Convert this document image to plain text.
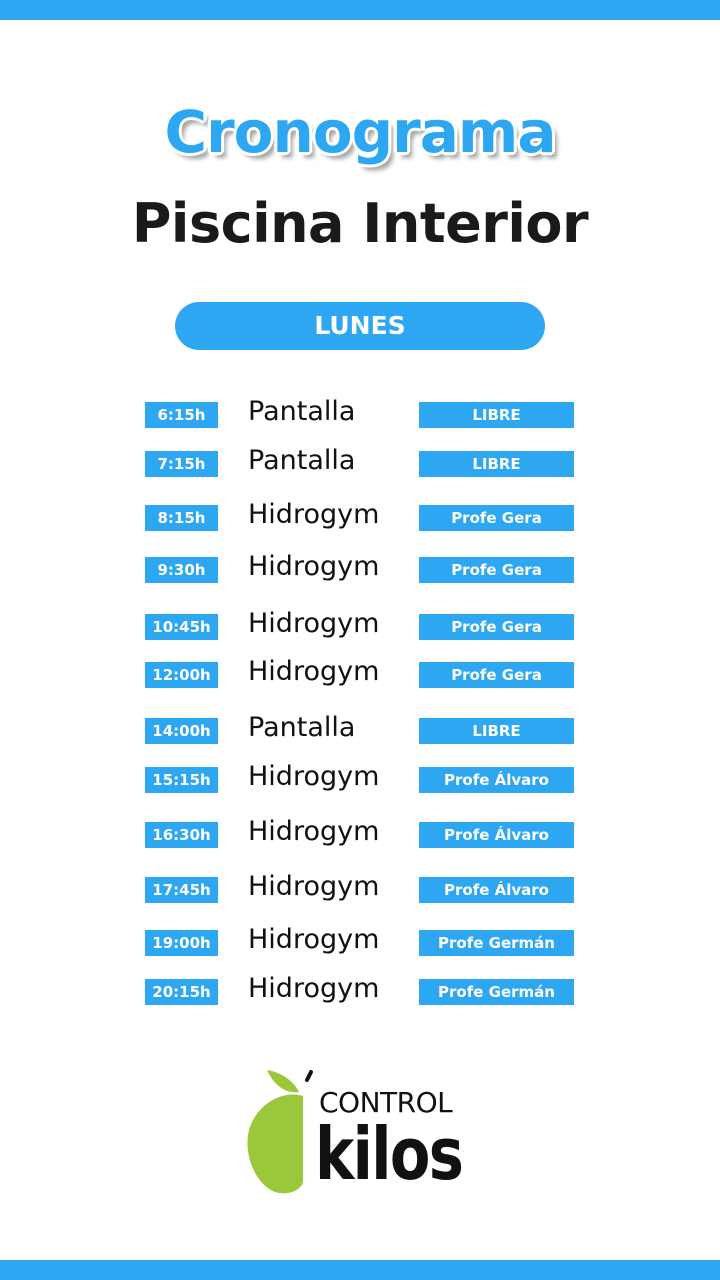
Cronograma
Piscina Interior
LUNES
6:15h	Pantalla	LIBRE
7:15h	Pantalla	LIBRE
8:15h	Hidrogym	Profe Gera
9:30h	Hidrogym	Profe Gera
10:45h Hidrogym	Profe Gera
12:00h Hidrogym	Profe Gera
14:00h Pantalla	LIBRE
15:15h Hidrogym	Profe Álvaro
16:30h Hidrogym	Profe Álvaro
17:45h Hidrogym	Profe Álvaro
19:00h Hidrogym	Profe Germán
20:15h Hidrogym	Profe Germán
CONTROL
kilos
